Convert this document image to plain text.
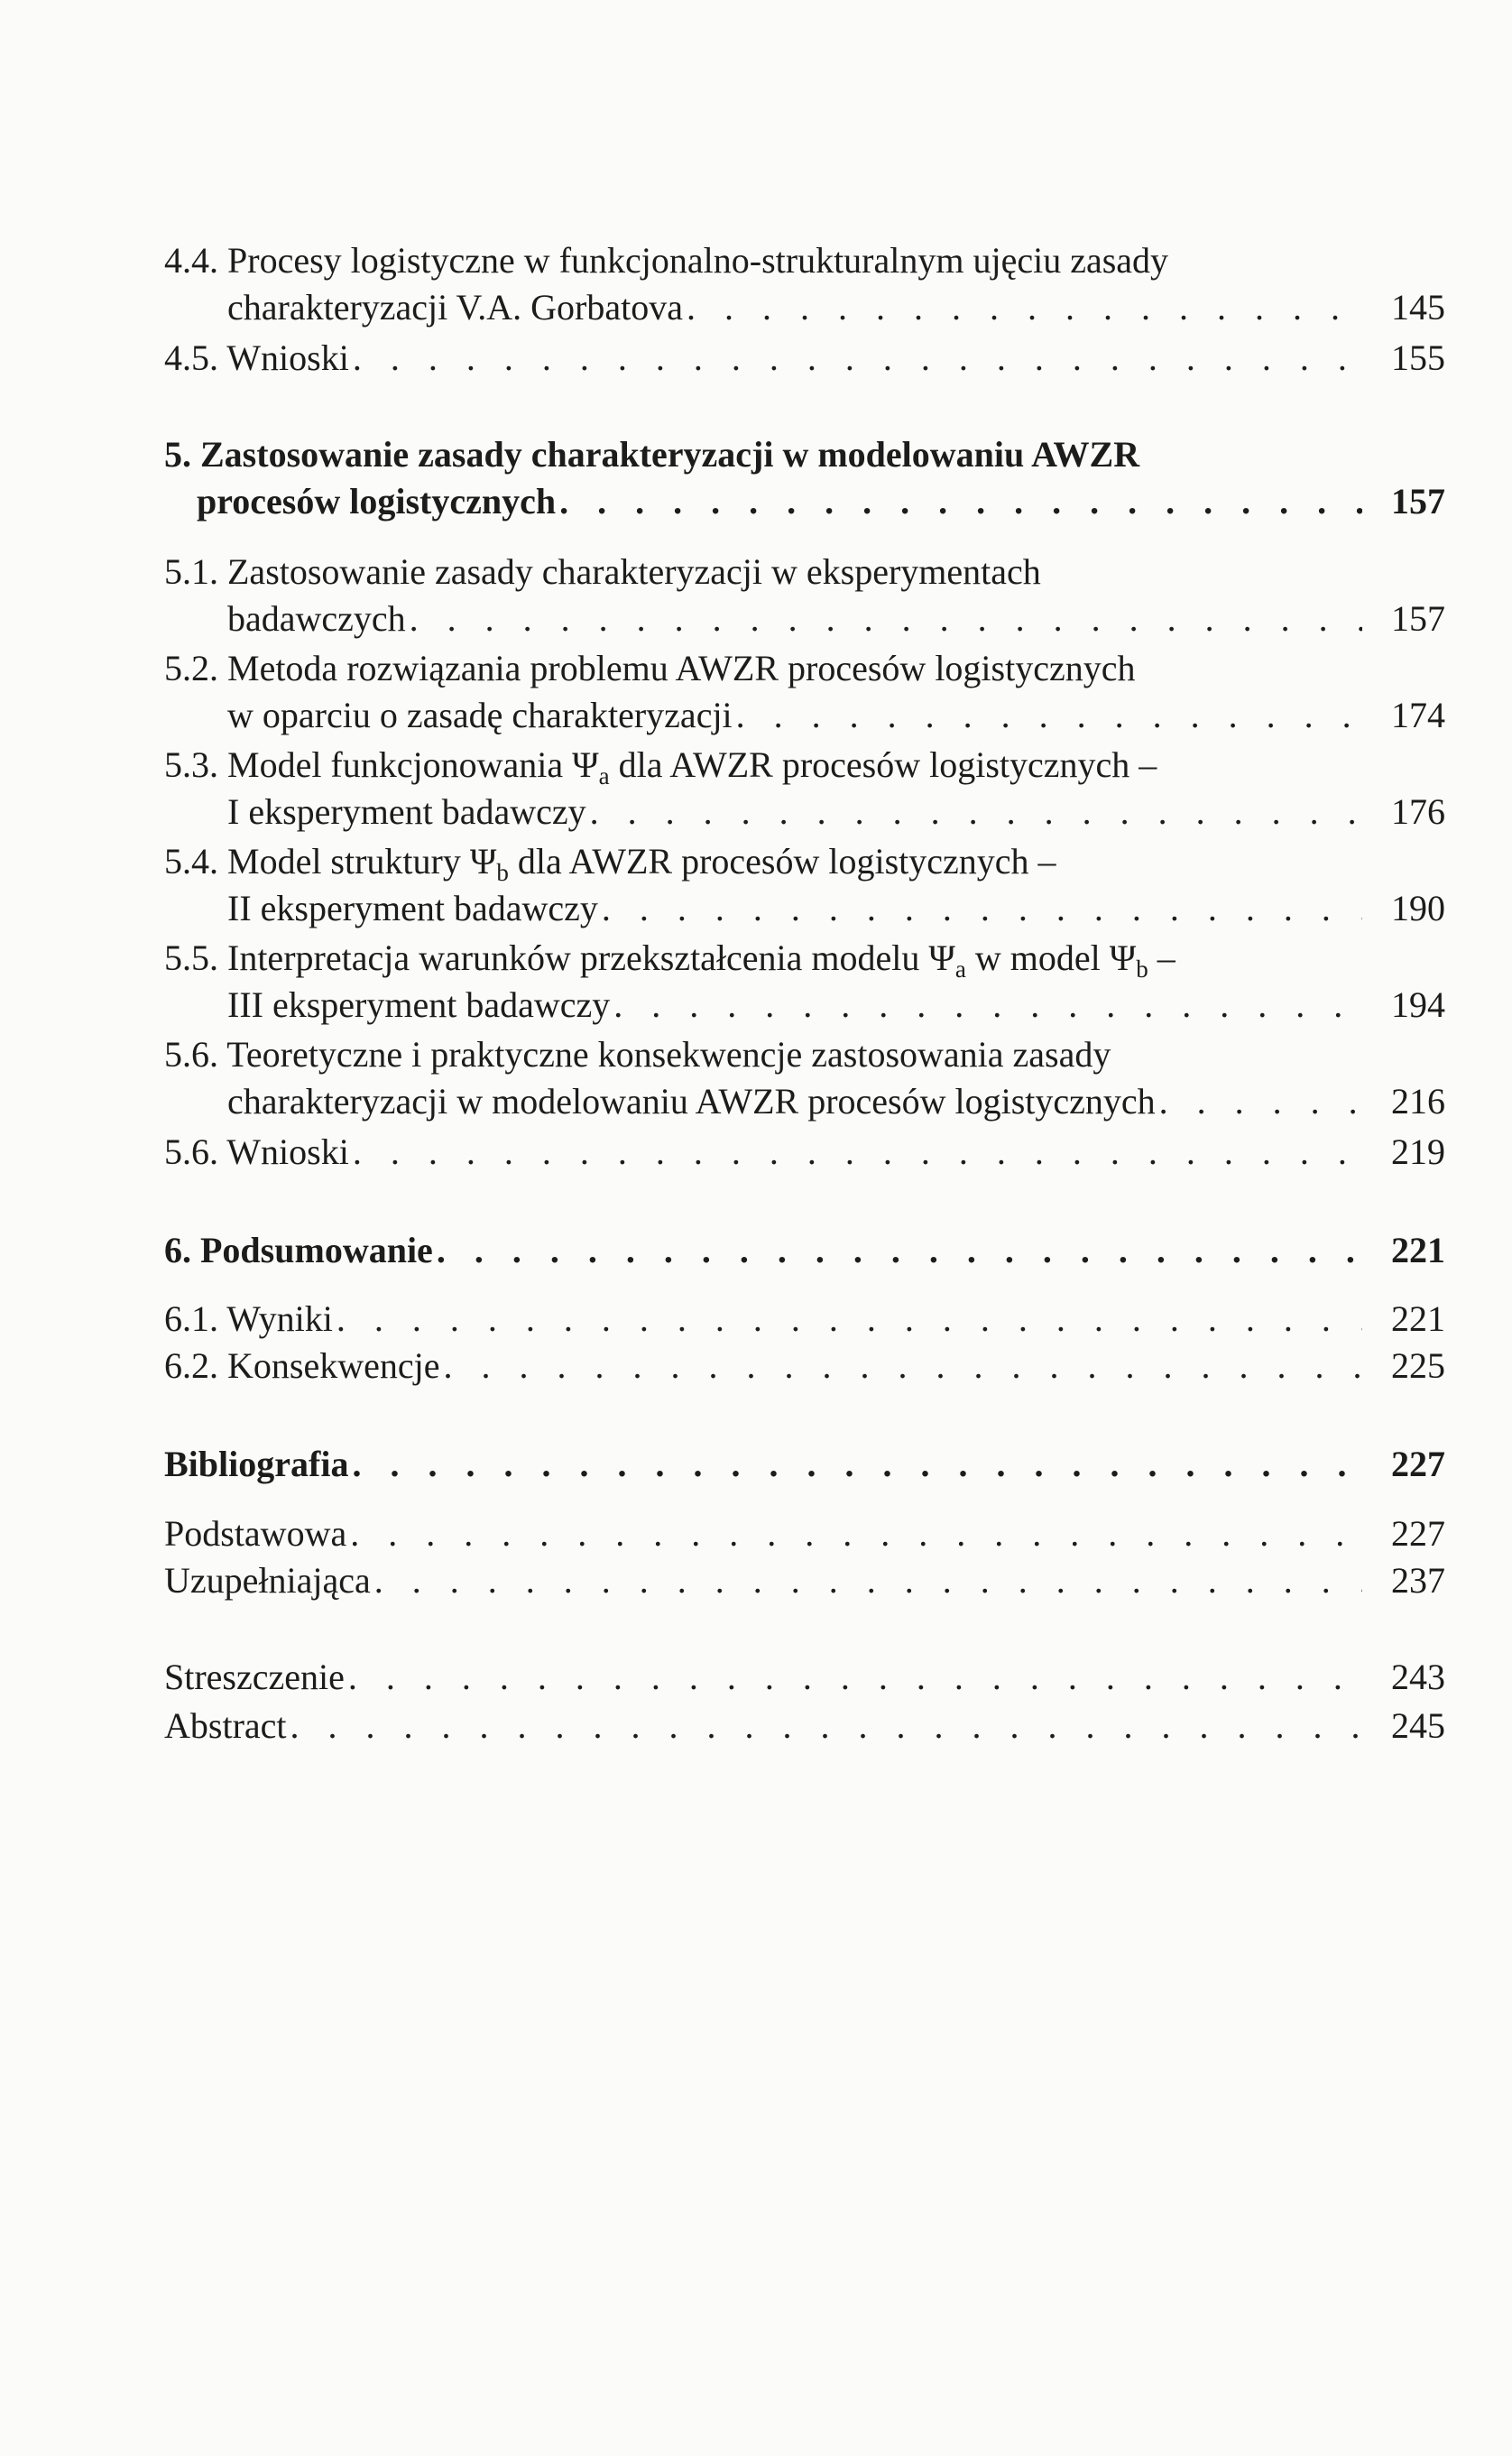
4.4. Procesy logistyczne w funkcjonalno-strukturalnym ujęciu zasady
charakteryzacji V.A. Gorbatova . . .	145
4.5. Wnioski . . .	155
5. Zastosowanie zasady charakteryzacji w modelowaniu AWZR
procesów logistycznych . . .	157
5.1. Zastosowanie zasady charakteryzacji w eksperymentach
badawczych . . .	157
5.2. Metoda rozwiązania problemu AWZR procesów logistycznych
w oparciu o zasadę charakteryzacji . . .	174
5.3. Model funkcjonowania $\Psi_a$ dla AWZR procesów logistycznych –
I eksperyment badawczy . . .	176
5.4. Model struktury $\Psi_b$ dla AWZR procesów logistycznych –
II eksperyment badawczy . . .	190
5.5. Interpretacja warunków przekształcenia modelu $\Psi_a$ w model $\Psi_b$ –
III eksperyment badawczy . . .	194
5.6. Teoretyczne i praktyczne konsekwencje zastosowania zasady
charakteryzacji w modelowaniu AWZR procesów logistycznych . . .	216
5.6. Wnioski . . .	219
6. Podsumowanie . . .	221
6.1. Wyniki . . .	221
6.2. Konsekwencje . . .	225
Bibliografia . . .	227
Podstawowa . . .	227
Uzupełniająca . . .	237
Streszczenie . . .	243
Abstract . . .	245
